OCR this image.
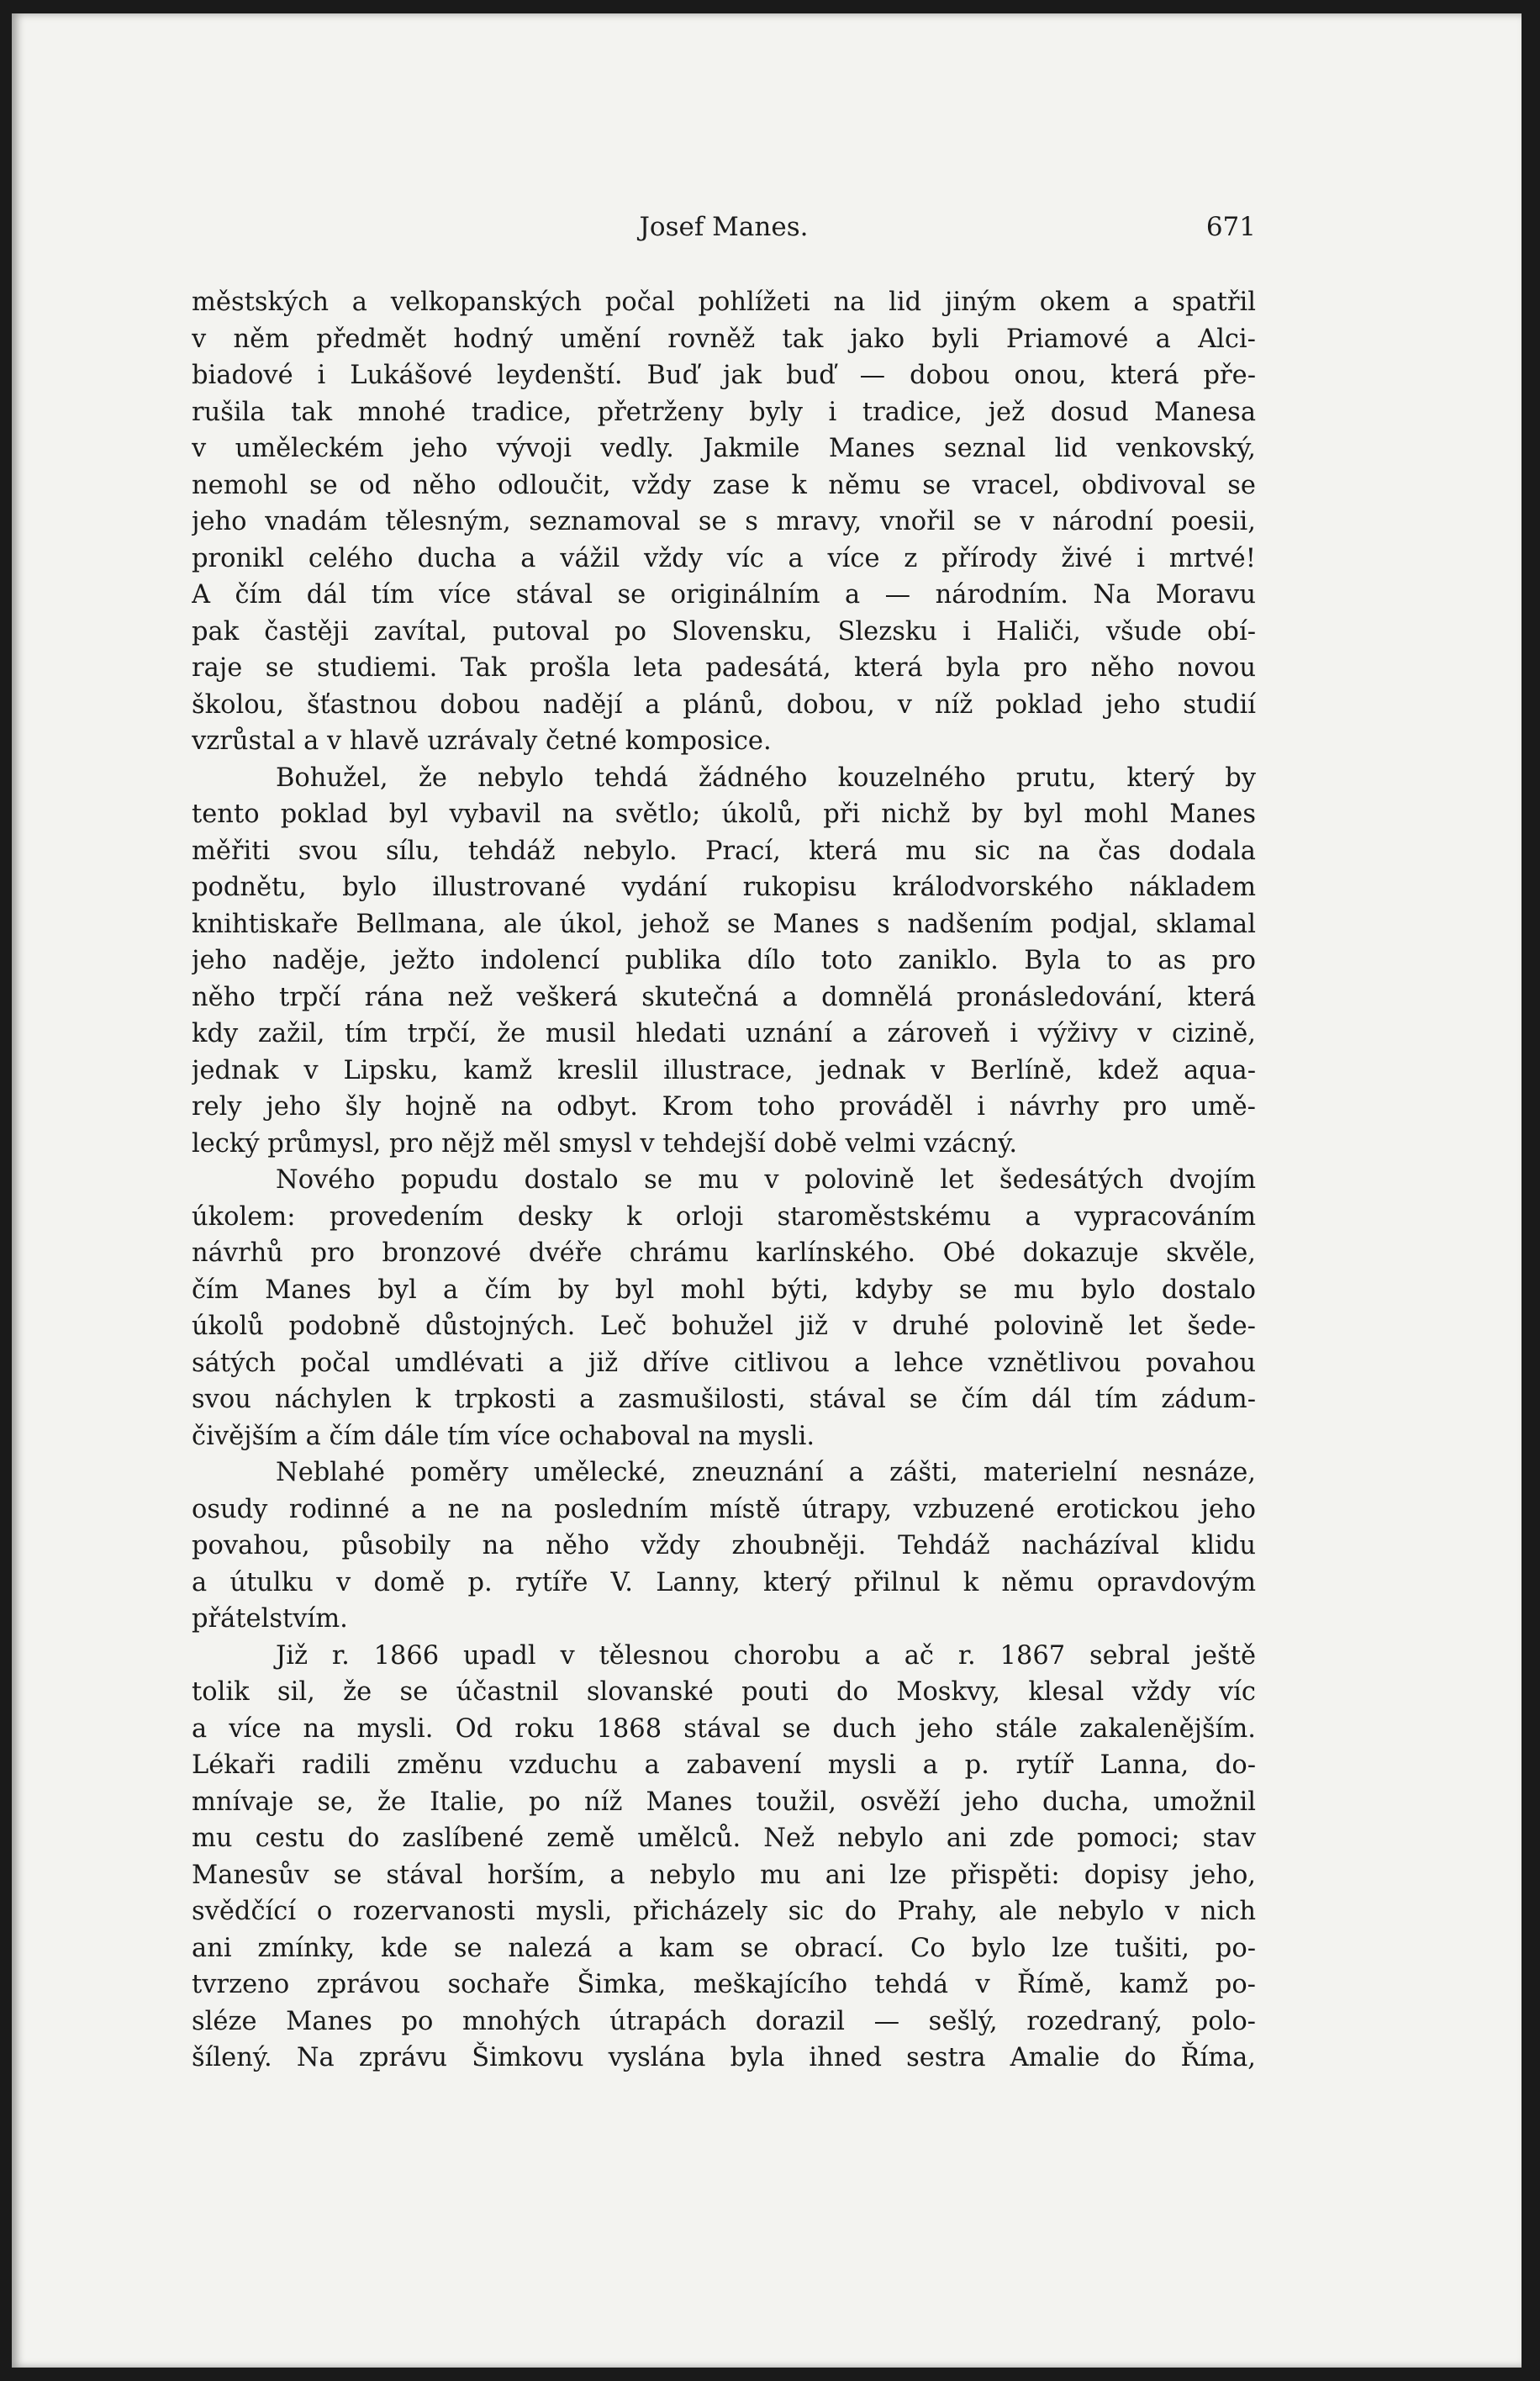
Josef Manes.	671
městských a velkopanských počal pohlížeti na lid jiným okem a spatřil
v něm předmět hodný umění rovněž tak jako byli Priamové a Alci-
biadové i Lukášové leydenští. Buď jak buď — dobou onou, která pře-
rušila tak mnohé tradice, přetrženy byly i tradice, jež dosud Manesa
v uměleckém jeho vývoji vedly. Jakmile Manes seznal lid venkovský,
nemohl se od něho odloučit, vždy zase k němu se vracel, obdivoval se
jeho vnadám tělesným, seznamoval se s mravy, vnořil se v národní poesii,
pronikl celého ducha a vážil vždy víc a více z přírody živé i mrtvé!
A čím dál tím více stával se originálním a — národním. Na Moravu
pak častěji zavítal, putoval po Slovensku, Slezsku i Haliči, všude obí-
raje se studiemi. Tak prošla leta padesátá, která byla pro něho novou
školou, šťastnou dobou nadějí a plánů, dobou, v níž poklad jeho studií
vzrůstal a v hlavě uzrávaly četné komposice.
Bohužel, že nebylo tehdá žádného kouzelného prutu, který by
tento poklad byl vybavil na světlo; úkolů, při nichž by byl mohl Manes
měřiti svou sílu, tehdáž nebylo. Prací, která mu sic na čas dodala
podnětu, bylo illustrované vydání rukopisu králodvorského nákladem
knihtiskaře Bellmana, ale úkol, jehož se Manes s nadšením podjal, sklamal
jeho naděje, ježto indolencí publika dílo toto zaniklo. Byla to as pro
něho trpčí rána než veškerá skutečná a domnělá pronásledování, která
kdy zažil, tím trpčí, že musil hledati uznání a zároveň i výživy v cizině,
jednak v Lipsku, kamž kreslil illustrace, jednak v Berlíně, kdež aqua-
rely jeho šly hojně na odbyt. Krom toho prováděl i návrhy pro umě-
lecký průmysl, pro nějž měl smysl v tehdejší době velmi vzácný.
Nového popudu dostalo se mu v polovině let šedesátých dvojím
úkolem: provedením desky k orloji staroměstskému a vypracováním
návrhů pro bronzové dvéře chrámu karlínského. Obé dokazuje skvěle,
čím Manes byl a čím by byl mohl býti, kdyby se mu bylo dostalo
úkolů podobně důstojných. Leč bohužel již v druhé polovině let šede-
sátých počal umdlévati a již dříve citlivou a lehce vznětlivou povahou
svou náchylen k trpkosti a zasmušilosti, stával se čím dál tím zádum-
čivějším a čím dále tím více ochaboval na mysli.
Neblahé poměry umělecké, zneuznání a zášti, materielní nesnáze,
osudy rodinné a ne na posledním místě útrapy, vzbuzené erotickou jeho
povahou, působily na něho vždy zhoubněji. Tehdáž nacházíval klidu
a útulku v domě p. rytíře V. Lanny, který přilnul k němu opravdovým
přátelstvím.
Již r. 1866 upadl v tělesnou chorobu a ač r. 1867 sebral ještě
tolik sil, že se účastnil slovanské pouti do Moskvy, klesal vždy víc
a více na mysli. Od roku 1868 stával se duch jeho stále zakalenějším.
Lékaři radili změnu vzduchu a zabavení mysli a p. rytíř Lanna, do-
mnívaje se, že Italie, po níž Manes toužil, osvěží jeho ducha, umožnil
mu cestu do zaslíbené země umělců. Než nebylo ani zde pomoci; stav
Manesův se stával horším, a nebylo mu ani lze přispěti: dopisy jeho,
svědčící o rozervanosti mysli, přicházely sic do Prahy, ale nebylo v nich
ani zmínky, kde se nalezá a kam se obrací. Co bylo lze tušiti, po-
tvrzeno zprávou sochaře Šimka, meškajícího tehdá v Římě, kamž po-
sléze Manes po mnohých útrapách dorazil — sešlý, rozedraný, polo-
šílený. Na zprávu Šimkovu vyslána byla ihned sestra Amalie do Říma,
